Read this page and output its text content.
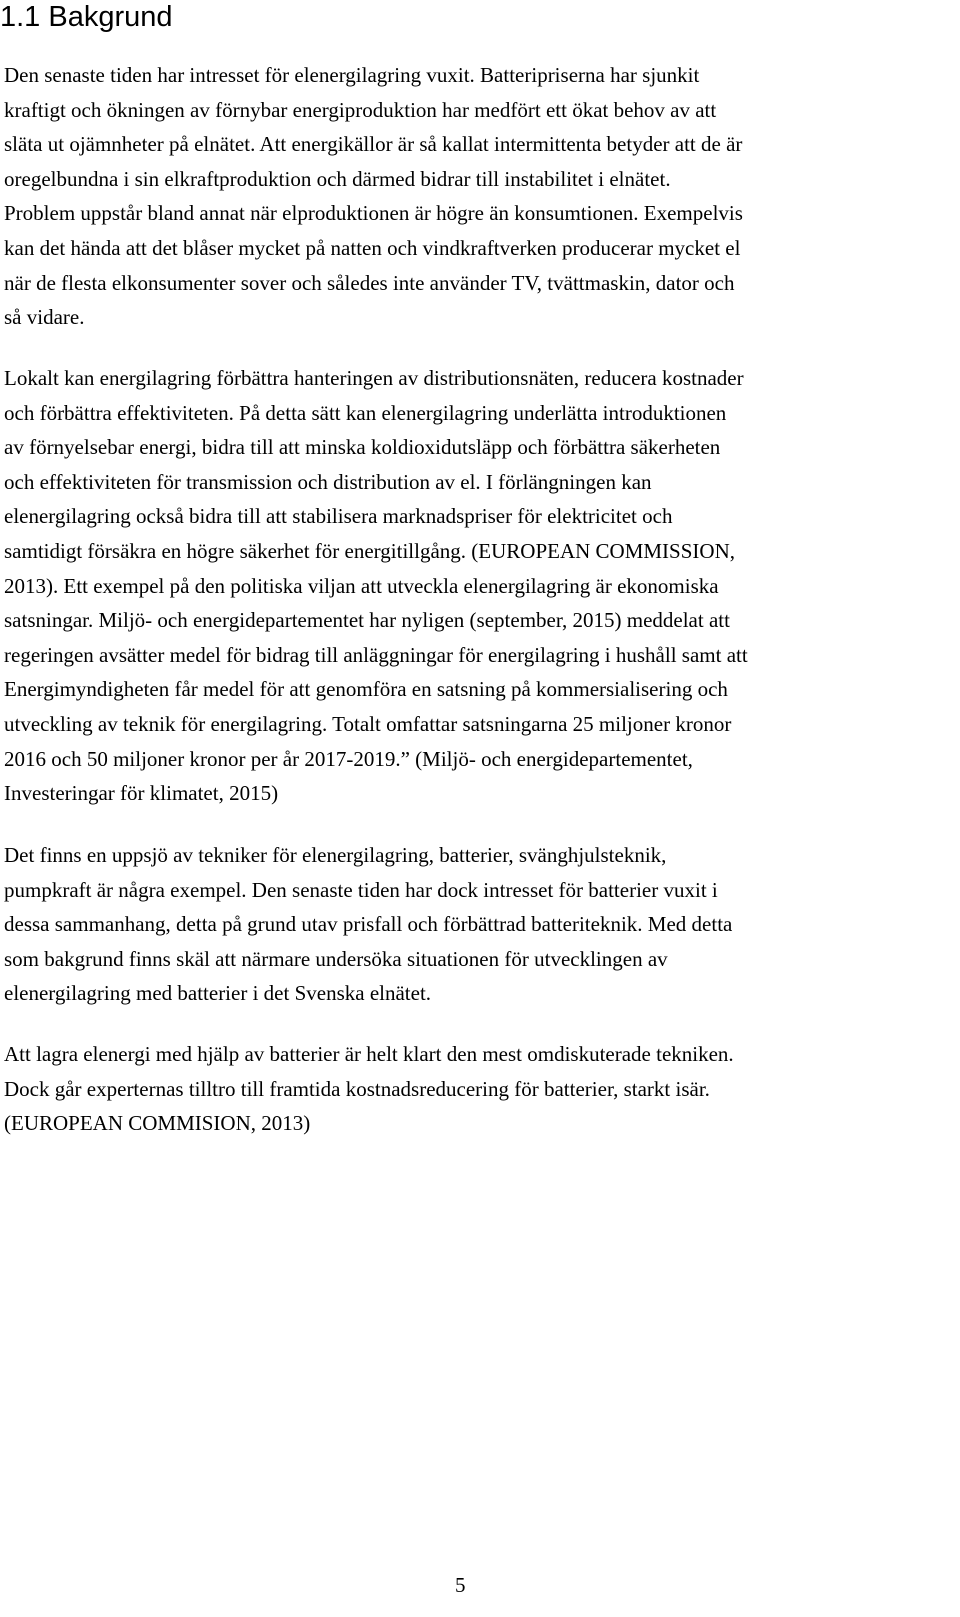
1.1 Bakgrund

Den senaste tiden har intresset för elenergilagring vuxit. Batteripriserna har sjunkit

kraftigt och ökningen av förnybar energiproduktion har medfört ett ökat behov av att

släta ut ojämnheter på elnätet. Att energikällor är så kallat intermittenta betyder att de är

oregelbundna i sin elkraftproduktion och därmed bidrar till instabilitet i elnätet.

Problem uppstår bland annat när elproduktionen är högre än konsumtionen. Exempelvis

kan det hända att det blåser mycket på natten och vindkraftverken producerar mycket el

när de flesta elkonsumenter sover och således inte använder TV, tvättmaskin, dator och

så vidare.

Lokalt kan energilagring förbättra hanteringen av distributionsnäten, reducera kostnader

och förbättra effektiviteten. På detta sätt kan elenergilagring underlätta introduktionen

av förnyelsebar energi, bidra till att minska koldioxidutsläpp och förbättra säkerheten

och effektiviteten för transmission och distribution av el. I förlängningen kan

elenergilagring också bidra till att stabilisera marknadspriser för elektricitet och

samtidigt försäkra en högre säkerhet för energitillgång. (EUROPEAN COMMISSION,

2013). Ett exempel på den politiska viljan att utveckla elenergilagring är ekonomiska

satsningar. Miljö- och energidepartementet har nyligen (september, 2015) meddelat att

regeringen avsätter medel för bidrag till anläggningar för energilagring i hushåll samt att

Energimyndigheten får medel för att genomföra en satsning på kommersialisering och

utveckling av teknik för energilagring. Totalt omfattar satsningarna 25 miljoner kronor

2016 och 50 miljoner kronor per år 2017-2019.” (Miljö- och energidepartementet,

Investeringar för klimatet, 2015)

Det finns en uppsjö av tekniker för elenergilagring, batterier, svänghjulsteknik,

pumpkraft är några exempel. Den senaste tiden har dock intresset för batterier vuxit i

dessa sammanhang, detta på grund utav prisfall och förbättrad batteriteknik. Med detta

som bakgrund finns skäl att närmare undersöka situationen för utvecklingen av

elenergilagring med batterier i det Svenska elnätet.

Att lagra elenergi med hjälp av batterier är helt klart den mest omdiskuterade tekniken.

Dock går experternas tilltro till framtida kostnadsreducering för batterier, starkt isär.

(EUROPEAN COMMISION, 2013)

5
